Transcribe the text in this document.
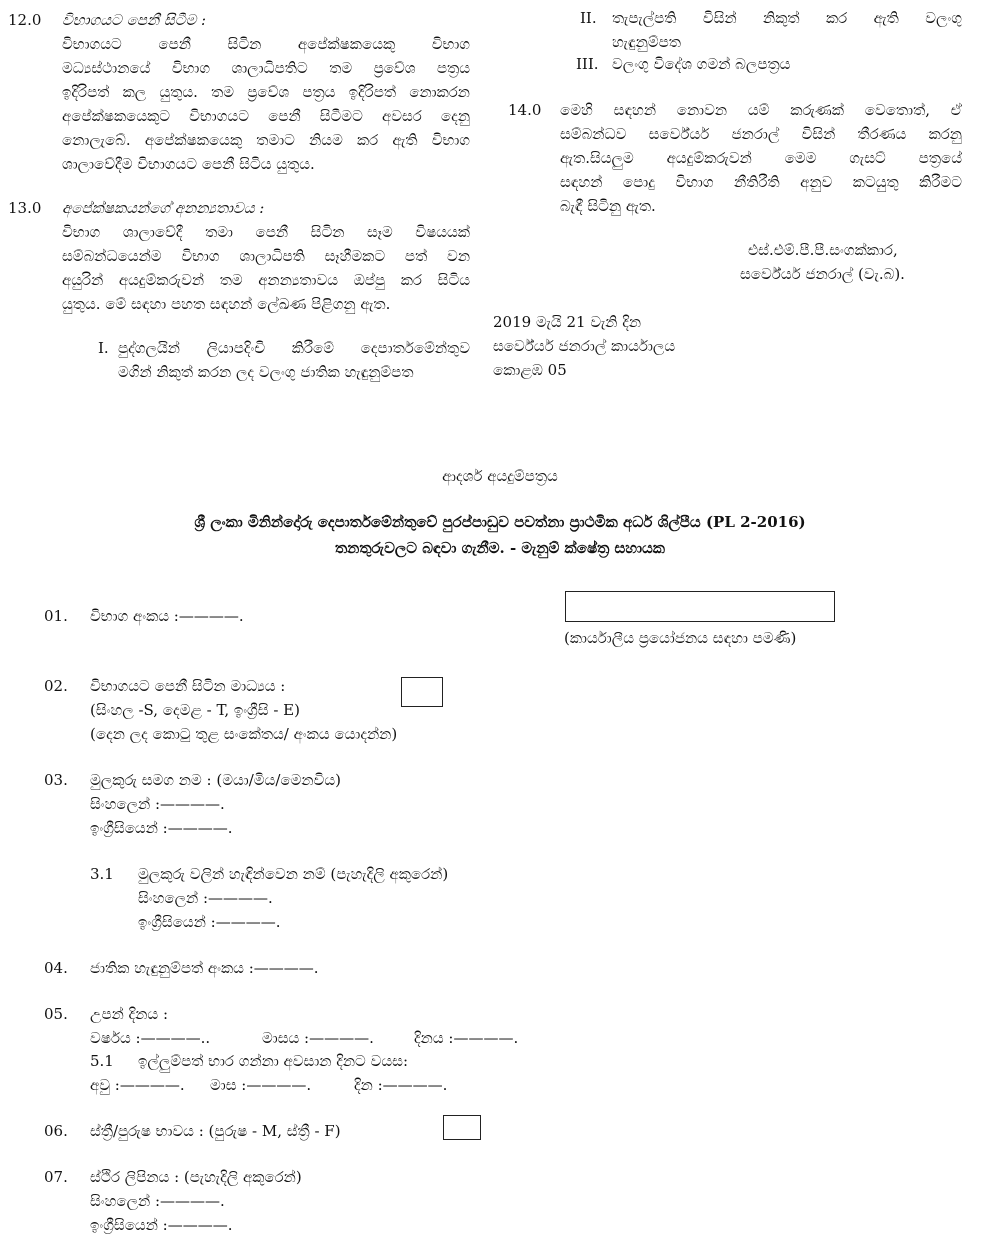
12.0 විභාගයට පෙනී සිටීම :
විභාගයට පෙනී සිටින අපේක්ෂකයෙකු විභාග
මධ්‍යස්ථානයේ විභාග ශාලාධිපතිට තම ප්‍රවේශ පත්‍රය
ඉදිරිපත් කල යුතුය. තම ප්‍රවේශ පත්‍රය ඉදිරිපත් නොකරන
අපේක්ෂකයෙකුට විභාගයට පෙනී සිටීමට අවසර දෙනු
නොලැබේ. අපේක්ෂකයෙකු තමාට නියම කර ඇති විභාග
ශාලාවේදීම විභාගයට පෙනී සිටිය යුතුය.
13.0 අපේක්ෂකයන්ගේ අනන්‍යතාවය :
විභාග ශාලාවේදී තමා පෙනී සිටින සෑම විෂයයක්
සම්බන්ධයෙන්ම විභාග ශාලාධිපති සෑහීමකට පත් වන
අයුරින් අයදුම්කරුවන් තම අනන්‍යතාවය ඔප්පු කර සිටිය
යුතුය. මේ සඳහා පහත සඳහන් ලේඛණ පිළිගනු ඇත.
I. පුද්ගලයින් ලියාපදිංචි කිරීමේ දෙපාර්තමේන්තුව
මගින් නිකුත් කරන ලද වලංගු ජාතික හැඳුනුම්පත
II. තැපැල්පති විසින් නිකුත් කර ඇති වලංගු
හැඳුනුම්පත
III. වලංගු විදේශ ගමන් බලපත්‍රය
14.0 මෙහි සඳහන් නොවන යම් කරුණක් වෙතොත්, ඒ
සම්බන්ධව සර්වේයර් ජනරාල් විසින් තීරණය කරනු
ඇත.සියලුම අයදුම්කරුවන් මෙම ගැසට් පත්‍රයේ
සඳහන් පොදු විභාග නීතිරීති අනුව කටයුතු කිරීමට
බැඳී සිටිනු ඇත.
එස්.එම්.පී.පී.සංගක්කාර,
සර්වේයර් ජනරාල් (වැ.බ).
2019 මැයි 21 වැනි දින
සර්වේයර් ජනරාල් කාර්යාලය
කොළඹ 05
ආදර්ශ අයදුම්පත්‍රය
ශ්‍රී ලංකා මිනින්දෝරු දෙපාර්තමේන්තුවේ පුරප්පාඩුව පවත්නා ප්‍රාථමික අර්ධ ශිල්පීය (PL 2-2016)
තනතුරුවලට බඳවා ගැනීම. - මැනුම් ක්ෂේත්‍ර සහායක
01. විභාග අංකය :————.
(කාර්යාලීය ප්‍රයෝජනය සඳහා පමණි)
02. විභාගයට පෙනී සිටින මාධ්‍යය :
(සිංහල -S, දෙමළ - T, ඉංග්‍රීසි - E)
(දෙන ලද කොටු තුළ සංකේතය/ අංකය යොදන්න)
03. මුලකුරු සමග නම : (මයා/මිය/මෙනවිය)
සිංහලෙන් :————.
ඉංග්‍රීසියෙන් :————.
3.1 මුලකුරු වලින් හැඳින්වෙන නම් (පැහැදිලි අකුරෙන්)
සිංහලෙන් :————.
ඉංග්‍රීසියෙන් :————.
04. ජාතික හැඳුනුම්පත් අංකය :————.
05. උපන් දිනය :
වර්ෂය :————..	මාසය :————.	දිනය :————.
5.1 ඉල්ලුම්පත් භාර ගන්නා අවසාන දිනට වයස:
අවු :————. මාස :————.	දින :————.
06. ස්ත්‍රී/පුරුෂ භාවය : (පුරුෂ - M, ස්ත්‍රී - F)
07. ස්ථිර ලිපිනය : (පැහැදිලි අකුරෙන්)
සිංහලෙන් :————.
ඉංග්‍රීසියෙන් :————.
